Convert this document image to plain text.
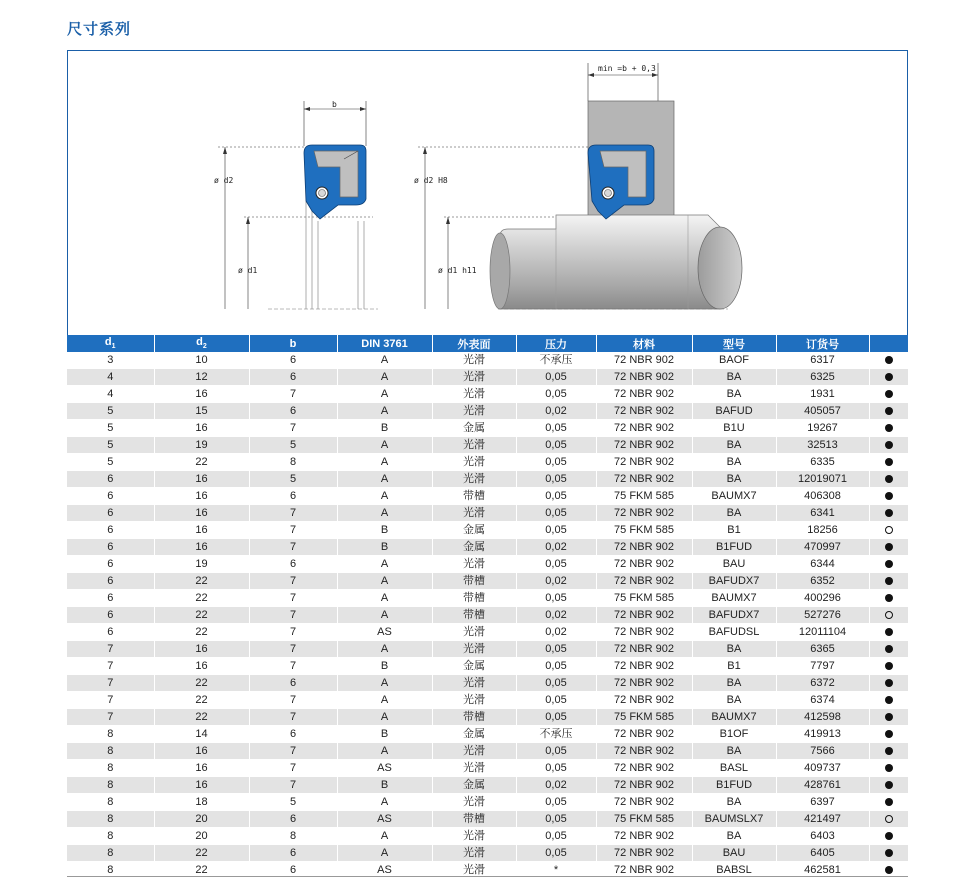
尺寸系列
b
ø d2
ø d1
min =b + 0,3
ø d2 H8
ø d1 h11
$d_1$	$d_2$	b	DIN 3761	外表面	压力	材料	型号	订货号	
3	10	6	A	光滑	不承压	72 NBR 902	BAOF	6317	
4	12	6	A	光滑	0,05	72 NBR 902	BA	6325	
4	16	7	A	光滑	0,05	72 NBR 902	BA	1931	
5	15	6	A	光滑	0,02	72 NBR 902	BAFUD	405057	
5	16	7	B	金属	0,05	72 NBR 902	B1U	19267	
5	19	5	A	光滑	0,05	72 NBR 902	BA	32513	
5	22	8	A	光滑	0,05	72 NBR 902	BA	6335	
6	16	5	A	光滑	0,05	72 NBR 902	BA	12019071	
6	16	6	A	带槽	0,05	75 FKM 585	BAUMX7	406308	
6	16	7	A	光滑	0,05	72 NBR 902	BA	6341	
6	16	7	B	金属	0,05	75 FKM 585	B1	18256	
6	16	7	B	金属	0,02	72 NBR 902	B1FUD	470997	
6	19	6	A	光滑	0,05	72 NBR 902	BAU	6344	
6	22	7	A	带槽	0,02	72 NBR 902	BAFUDX7	6352	
6	22	7	A	带槽	0,05	75 FKM 585	BAUMX7	400296	
6	22	7	A	带槽	0,02	72 NBR 902	BAFUDX7	527276	
6	22	7	AS	光滑	0,02	72 NBR 902	BAFUDSL	12011104	
7	16	7	A	光滑	0,05	72 NBR 902	BA	6365	
7	16	7	B	金属	0,05	72 NBR 902	B1	7797	
7	22	6	A	光滑	0,05	72 NBR 902	BA	6372	
7	22	7	A	光滑	0,05	72 NBR 902	BA	6374	
7	22	7	A	带槽	0,05	75 FKM 585	BAUMX7	412598	
8	14	6	B	金属	不承压	72 NBR 902	B1OF	419913	
8	16	7	A	光滑	0,05	72 NBR 902	BA	7566	
8	16	7	AS	光滑	0,05	72 NBR 902	BASL	409737	
8	16	7	B	金属	0,02	72 NBR 902	B1FUD	428761	
8	18	5	A	光滑	0,05	72 NBR 902	BA	6397	
8	20	6	AS	带槽	0,05	75 FKM 585	BAUMSLX7	421497	
8	20	8	A	光滑	0,05	72 NBR 902	BA	6403	
8	22	6	A	光滑	0,05	72 NBR 902	BAU	6405	
8	22	6	AS	光滑	*	72 NBR 902	BABSL	462581	
